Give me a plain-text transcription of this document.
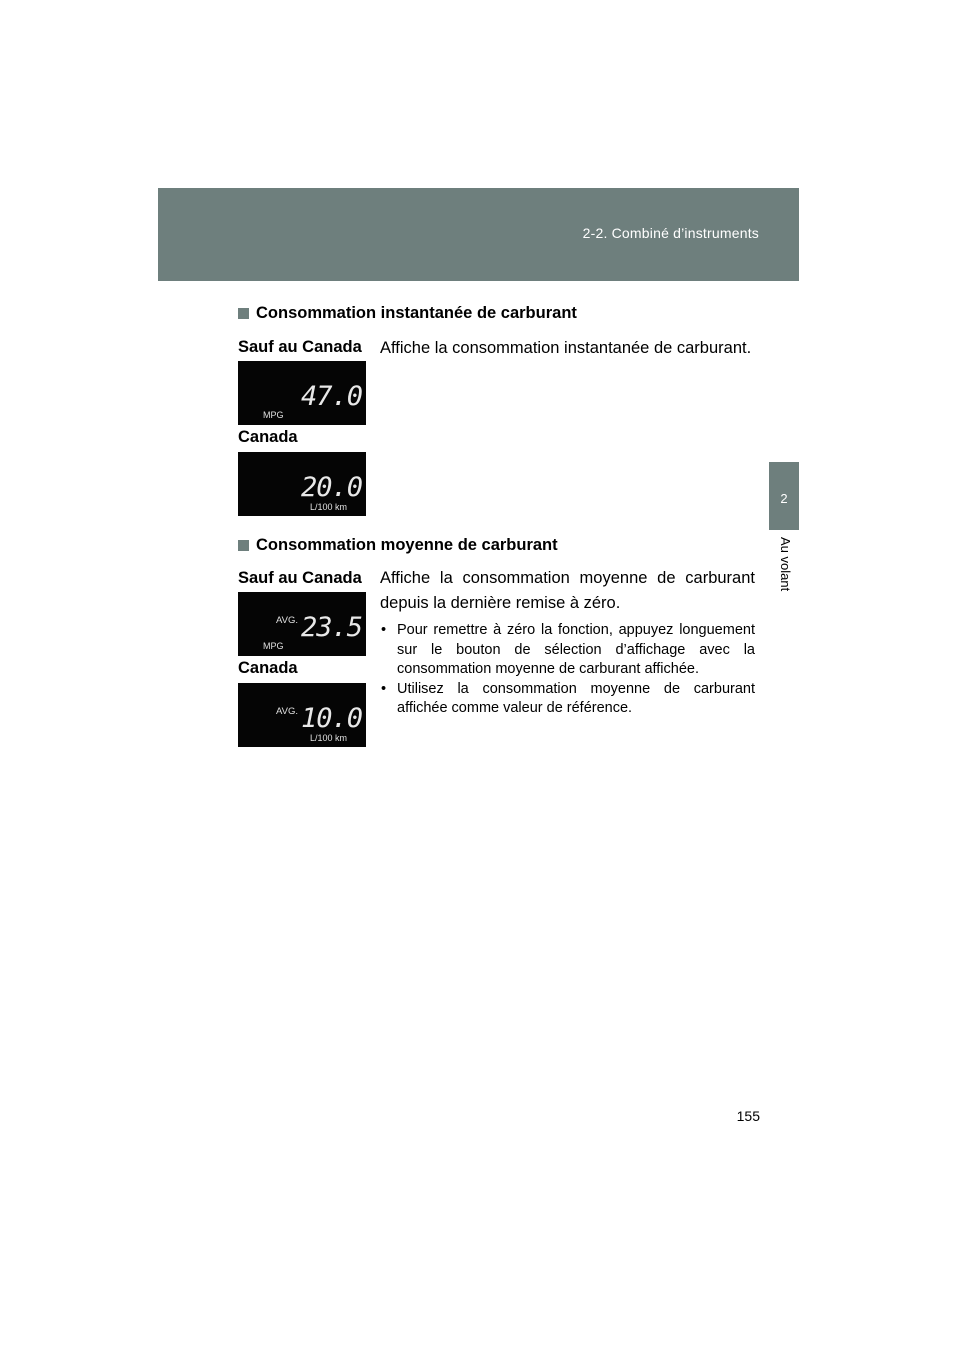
2-2. Combiné d’instruments
2
Au volant
Consommation instantanée de carburant
Sauf au Canada Affiche la consommation instantanée de carburant.
47.0
MPG
Canada
20.0
L/100 km
Consommation moyenne de carburant
Sauf au Canada Affiche la consommation moyenne de carburant depuis la dernière remise à zéro.
AVG. 23.5
MPG
Canada
AVG. 10.0
L/100 km
• Pour remettre à zéro la fonction, appuyez longuement sur le bouton de sélection d’affichage avec la consommation moyenne de carburant affichée.
• Utilisez la consommation moyenne de carburant affichée comme valeur de référence.
155
